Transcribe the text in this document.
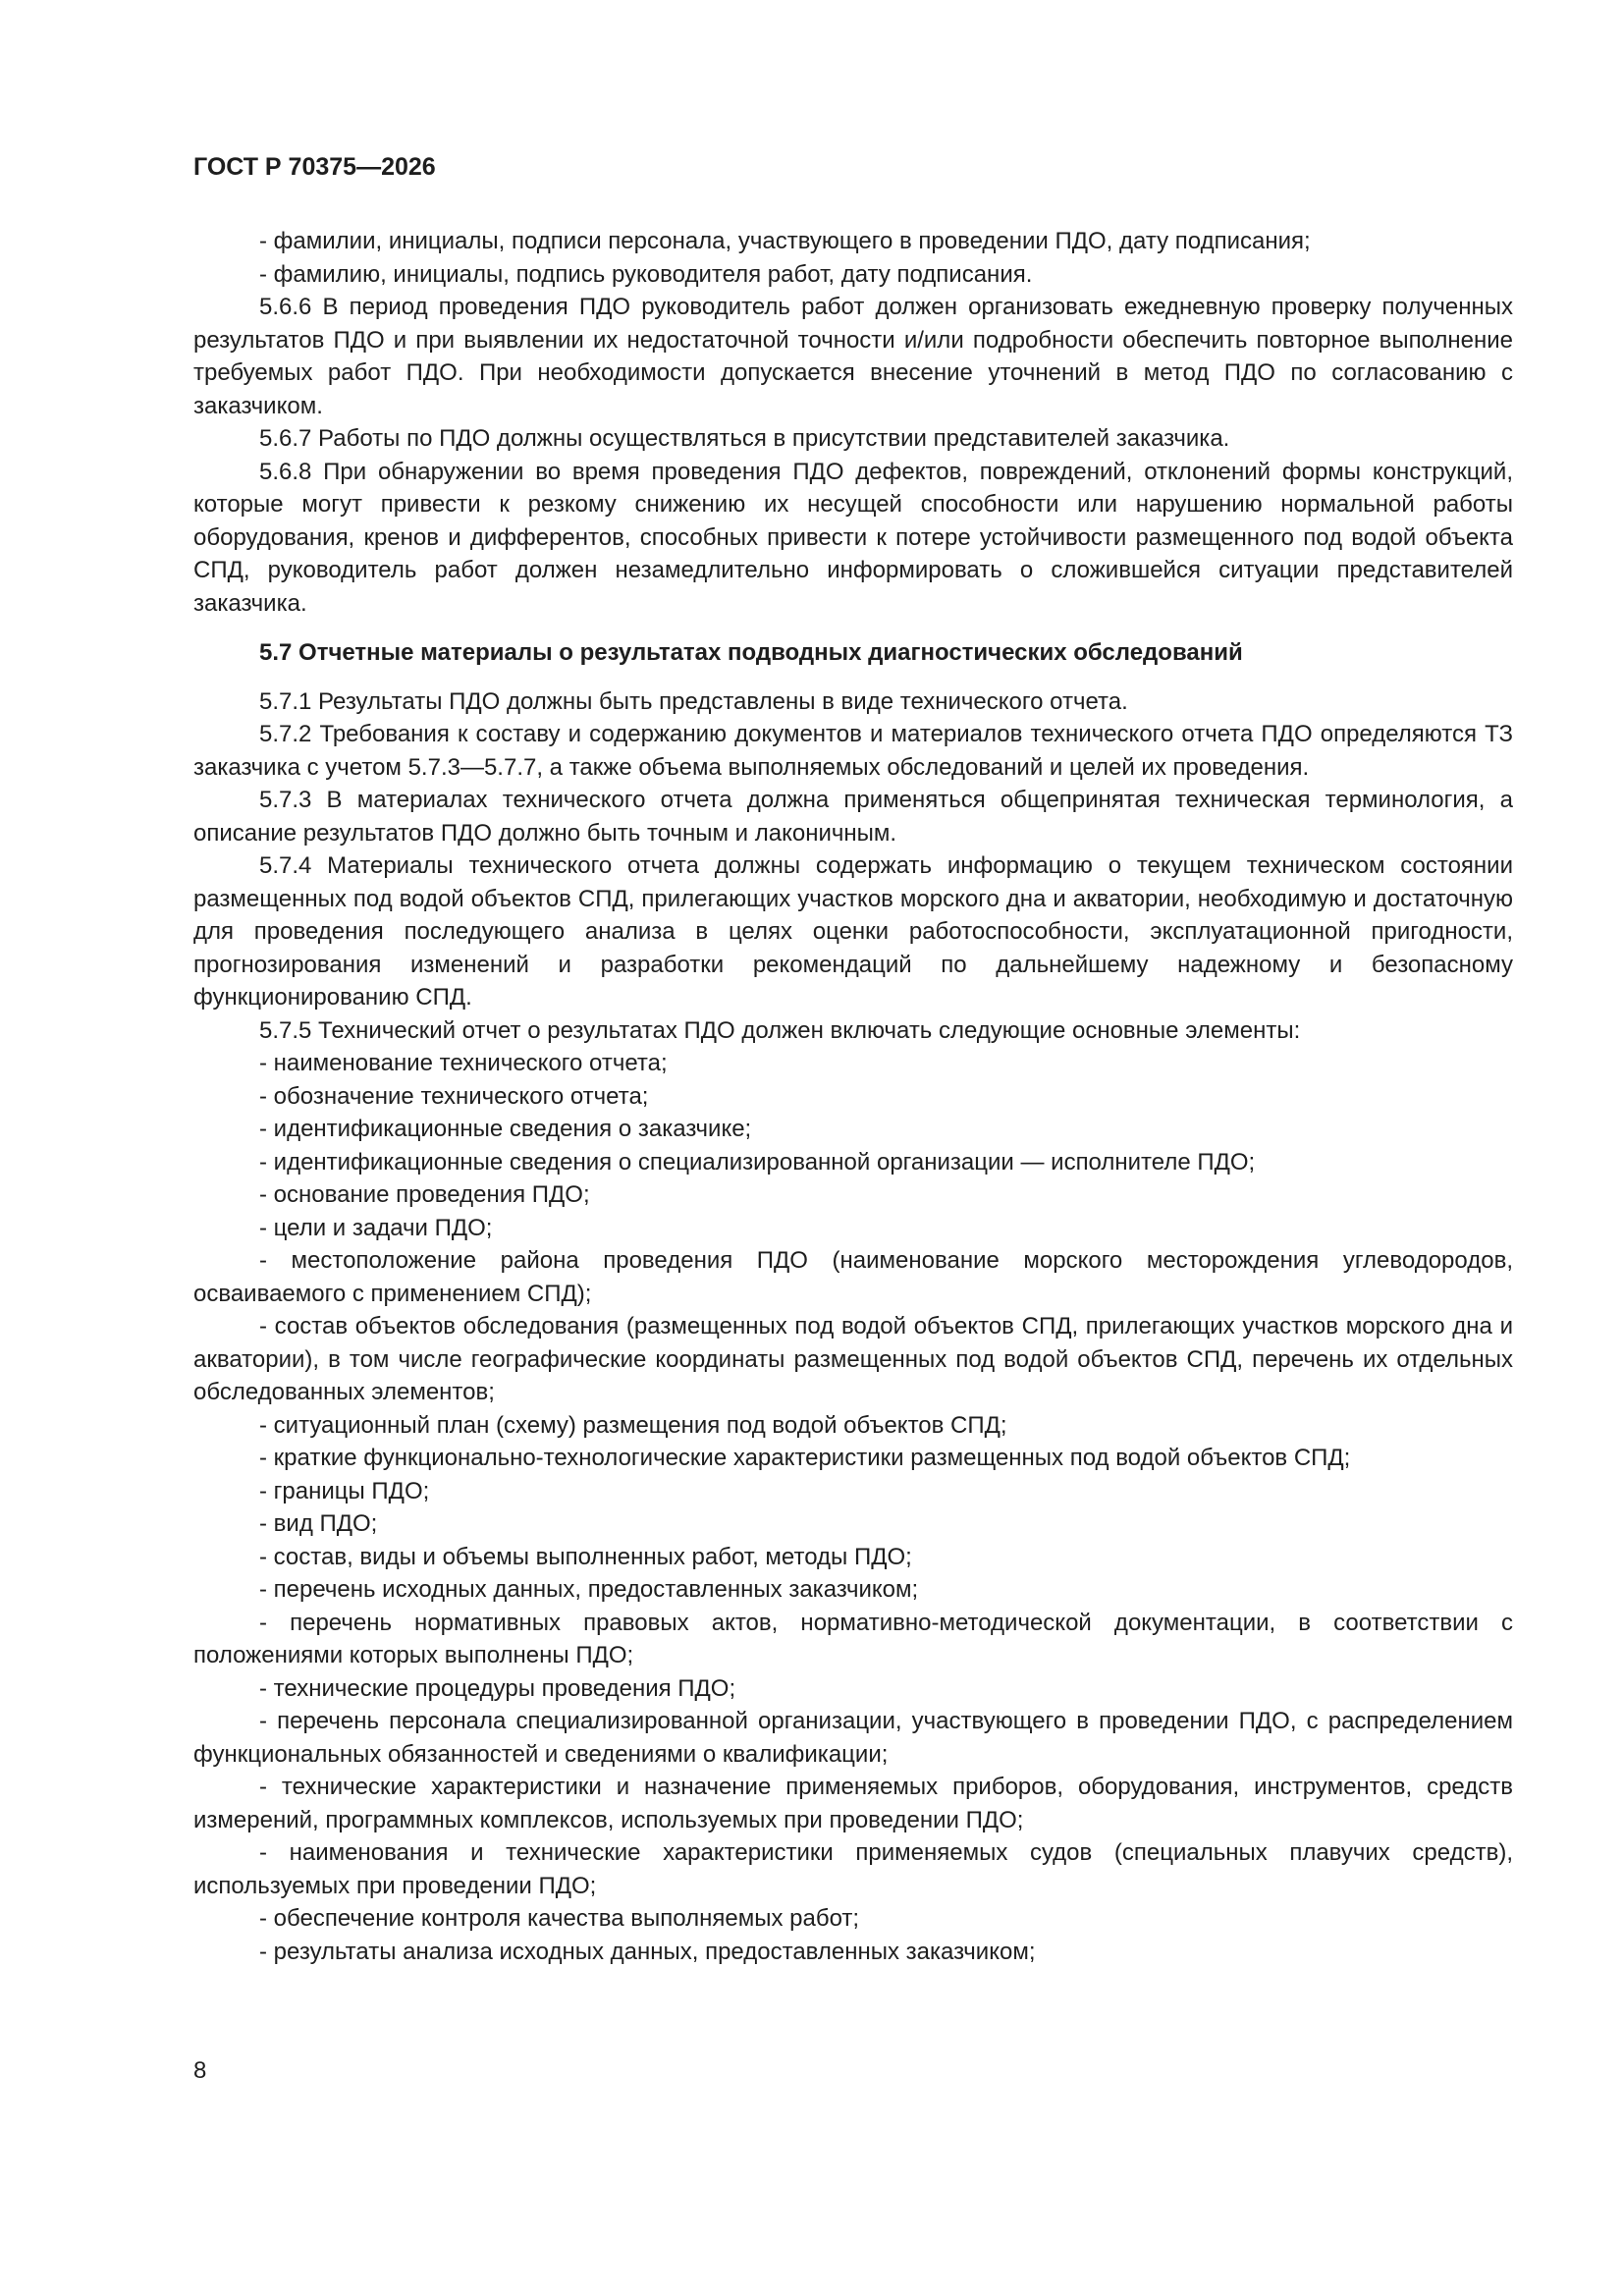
ГОСТ Р 70375—2026

- фамилии, инициалы, подписи персонала, участвующего в проведении ПДО, дату подписания;

- фамилию, инициалы, подпись руководителя работ, дату подписания.

5.6.6 В период проведения ПДО руководитель работ должен организовать ежедневную проверку полученных результатов ПДО и при выявлении их недостаточной точности и/или подробности обеспечить повторное выполнение требуемых работ ПДО. При необходимости допускается внесение уточнений в метод ПДО по согласованию с заказчиком.

5.6.7 Работы по ПДО должны осуществляться в присутствии представителей заказчика.

5.6.8 При обнаружении во время проведения ПДО дефектов, повреждений, отклонений формы конструкций, которые могут привести к резкому снижению их несущей способности или нарушению нормальной работы оборудования, кренов и дифферентов, способных привести к потере устойчивости размещенного под водой объекта СПД, руководитель работ должен незамедлительно информировать о сложившейся ситуации представителей заказчика.

5.7 Отчетные материалы о результатах подводных диагностических обследований

5.7.1 Результаты ПДО должны быть представлены в виде технического отчета.

5.7.2 Требования к составу и содержанию документов и материалов технического отчета ПДО определяются ТЗ заказчика с учетом 5.7.3—5.7.7, а также объема выполняемых обследований и целей их проведения.

5.7.3 В материалах технического отчета должна применяться общепринятая техническая терминология, а описание результатов ПДО должно быть точным и лаконичным.

5.7.4 Материалы технического отчета должны содержать информацию о текущем техническом состоянии размещенных под водой объектов СПД, прилегающих участков морского дна и акватории, необходимую и достаточную для проведения последующего анализа в целях оценки работоспособности, эксплуатационной пригодности, прогнозирования изменений и разработки рекомендаций по дальнейшему надежному и безопасному функционированию СПД.

5.7.5 Технический отчет о результатах ПДО должен включать следующие основные элементы:

- наименование технического отчета;

- обозначение технического отчета;

- идентификационные сведения о заказчике;

- идентификационные сведения о специализированной организации — исполнителе ПДО;

- основание проведения ПДО;

- цели и задачи ПДО;

- местоположение района проведения ПДО (наименование морского месторождения углеводородов, осваиваемого с применением СПД);

- состав объектов обследования (размещенных под водой объектов СПД, прилегающих участков морского дна и акватории), в том числе географические координаты размещенных под водой объектов СПД, перечень их отдельных обследованных элементов;

- ситуационный план (схему) размещения под водой объектов СПД;

- краткие функционально-технологические характеристики размещенных под водой объектов СПД;

- границы ПДО;

- вид ПДО;

- состав, виды и объемы выполненных работ, методы ПДО;

- перечень исходных данных, предоставленных заказчиком;

- перечень нормативных правовых актов, нормативно-методической документации, в соответствии с положениями которых выполнены ПДО;

- технические процедуры проведения ПДО;

- перечень персонала специализированной организации, участвующего в проведении ПДО, с распределением функциональных обязанностей и сведениями о квалификации;

- технические характеристики и назначение применяемых приборов, оборудования, инструментов, средств измерений, программных комплексов, используемых при проведении ПДО;

- наименования и технические характеристики применяемых судов (специальных плавучих средств), используемых при проведении ПДО;

- обеспечение контроля качества выполняемых работ;

- результаты анализа исходных данных, предоставленных заказчиком;

8
